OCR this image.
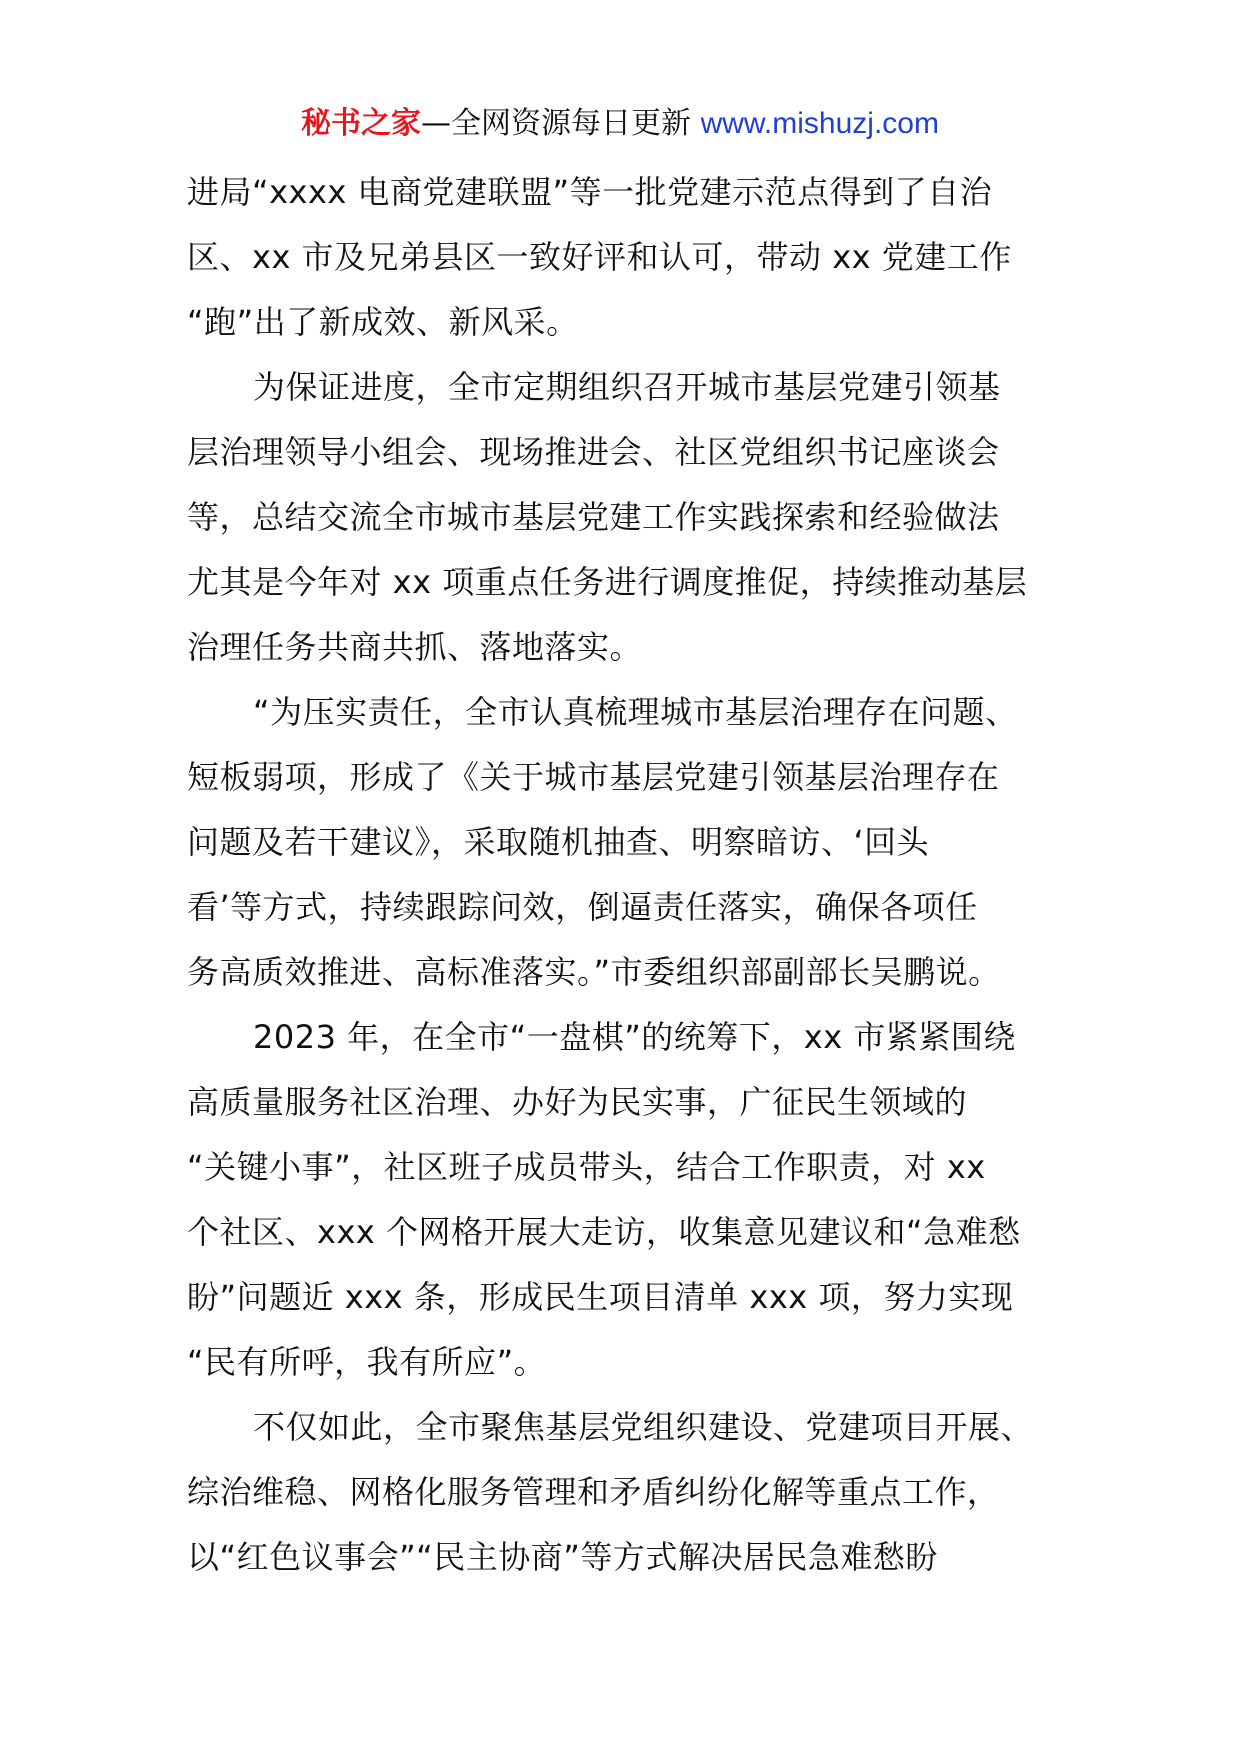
秘书之家—全网资源每日更新 www.mishuzj.com
进局“xxxx 电商党建联盟”等一批党建示范点得到了自治
区、xx 市及兄弟县区一致好评和认可，带动 xx 党建工作
“跑”出了新成效、新风采。
为保证进度，全市定期组织召开城市基层党建引领基
层治理领导小组会、现场推进会、社区党组织书记座谈会
等，总结交流全市城市基层党建工作实践探索和经验做法
尤其是今年对 xx 项重点任务进行调度推促，持续推动基层
治理任务共商共抓、落地落实。
“为压实责任，全市认真梳理城市基层治理存在问题、
短板弱项，形成了《关于城市基层党建引领基层治理存在
问题及若干建议》，采取随机抽查、明察暗访、‘回头
看’等方式，持续跟踪问效，倒逼责任落实，确保各项任
务高质效推进、高标准落实。”市委组织部副部长吴鹏说。
2023 年，在全市“一盘棋”的统筹下，xx 市紧紧围绕
高质量服务社区治理、办好为民实事，广征民生领域的
“关键小事”，社区班子成员带头，结合工作职责，对 xx
个社区、xxx 个网格开展大走访，收集意见建议和“急难愁
盼”问题近 xxx 条，形成民生项目清单 xxx 项，努力实现
“民有所呼，我有所应”。
不仅如此，全市聚焦基层党组织建设、党建项目开展、
综治维稳、网格化服务管理和矛盾纠纷化解等重点工作，
以“红色议事会”“民主协商”等方式解决居民急难愁盼
